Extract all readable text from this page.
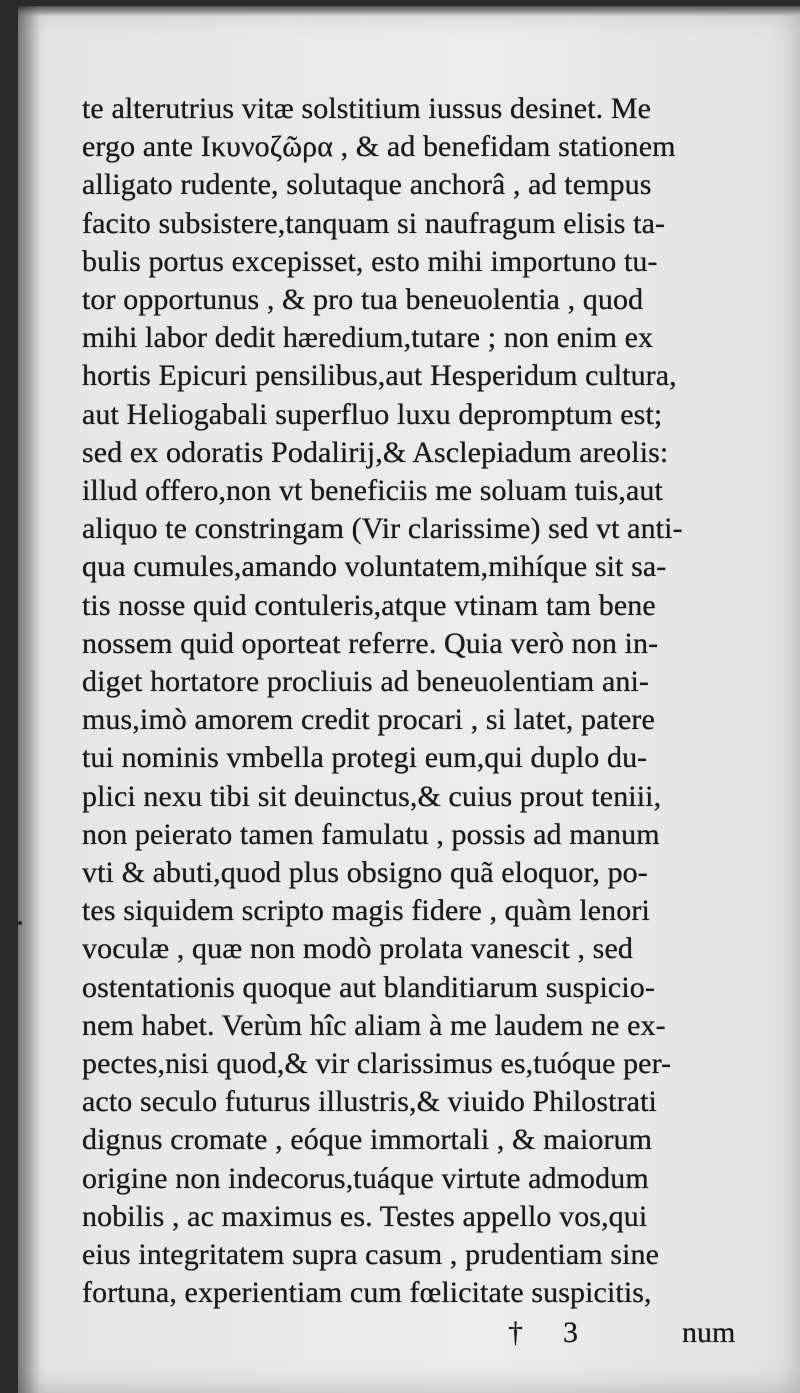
te alterutrius vitæ solstitium iussus desinet. Me
ergo ante Ικυνοζῶρα , & ad benefidam stationem
alligato rudente, solutaque anchorâ , ad tempus
facito subsistere,tanquam si naufragum elisis ta-
bulis portus excepisset, esto mihi importuno tu-
tor opportunus , & pro tua beneuolentia , quod
mihi labor dedit hæredium,tutare ; non enim ex
hortis Epicuri pensilibus,aut Hesperidum cultura,
aut Heliogabali superfluo luxu depromptum est;
sed ex odoratis Podalirij,& Asclepiadum areolis:
illud offero,non vt beneficiis me soluam tuis,aut
aliquo te constringam (Vir clarissime) sed vt anti-
qua cumules,amando voluntatem,mihíque sit sa-
tis nosse quid contuleris,atque vtinam tam bene
nossem quid oporteat referre. Quia verò non in-
diget hortatore procliuis ad beneuolentiam ani-
mus,imò amorem credit procari , si latet, patere
tui nominis vmbella protegi eum,qui duplo du-
plici nexu tibi sit deuinctus,& cuius prout teniii,
non peierato tamen famulatu , possis ad manum
vti & abuti,quod plus obsigno quã eloquor, po-
tes siquidem scripto magis fidere , quàm lenori
voculæ , quæ non modò prolata vanescit , sed
ostentationis quoque aut blanditiarum suspicio-
nem habet. Verùm hîc aliam à me laudem ne ex-
pectes,nisi quod,& vir clarissimus es,tuóque per-
acto seculo futurus illustris,& viuido Philostrati
dignus cromate , eóque immortali , & maiorum
origine non indecorus,tuáque virtute admodum
nobilis , ac maximus es. Testes appello vos,qui
eius integritatem supra casum , prudentiam sine
fortuna, experientiam cum fœlicitate suspicitis,
† 3	num
